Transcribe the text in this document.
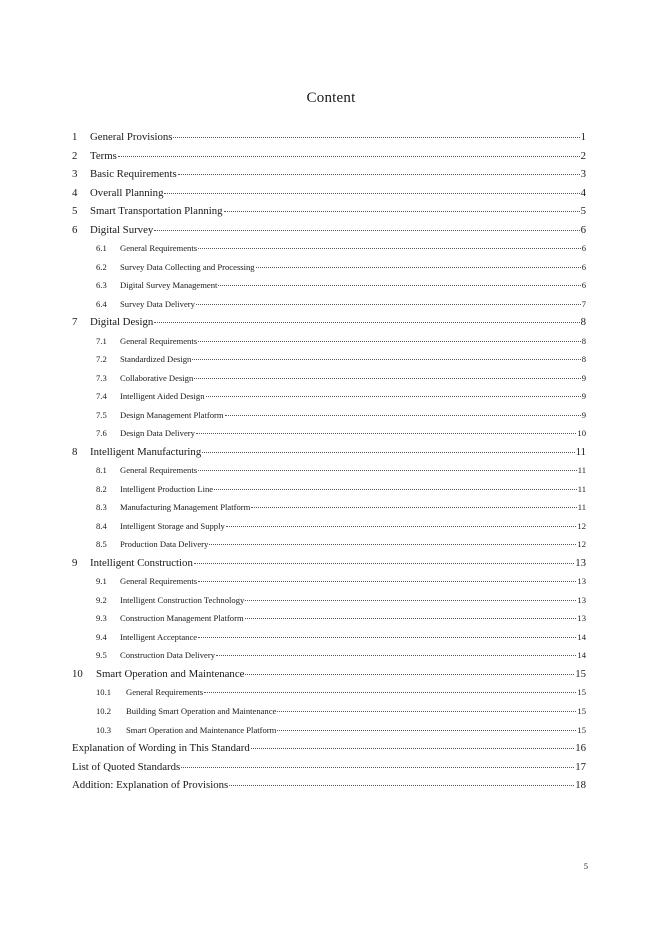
Content
1	General Provisions	1
2	Terms	2
3	Basic Requirements	3
4	Overall Planning	4
5	Smart Transportation Planning	5
6	Digital Survey	6
6.1	General Requirements	6
6.2	Survey Data Collecting and Processing	6
6.3	Digital Survey Management	6
6.4	Survey Data Delivery	7
7	Digital Design	8
7.1	General Requirements	8
7.2	Standardized Design	8
7.3	Collaborative Design	9
7.4	Intelligent Aided Design	9
7.5	Design Management Platform	9
7.6	Design Data Delivery	10
8	Intelligent Manufacturing	11
8.1	General Requirements	11
8.2	Intelligent Production Line	11
8.3	Manufacturing Management Platform	11
8.4	Intelligent Storage and Supply	12
8.5	Production Data Delivery	12
9	Intelligent Construction	13
9.1	General Requirements	13
9.2	Intelligent Construction Technology	13
9.3	Construction Management Platform	13
9.4	Intelligent Acceptance	14
9.5	Construction Data Delivery	14
10	Smart Operation and Maintenance	15
10.1	General Requirements	15
10.2	Building Smart Operation and Maintenance	15
10.3	Smart Operation and Maintenance Platform	15
Explanation of Wording in This Standard	16
List of Quoted Standards	17
Addition: Explanation of Provisions	18
5
